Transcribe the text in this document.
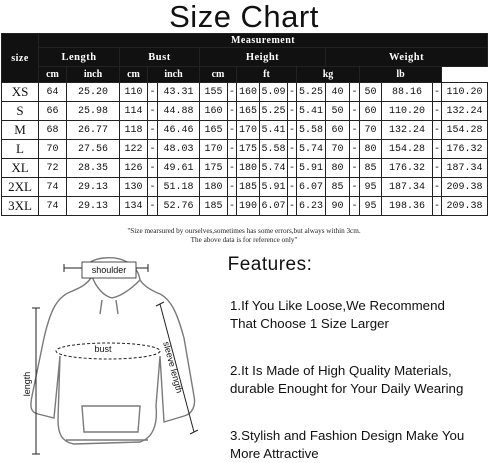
Size Chart
size	Measurement																
	Length		Bust			Height						Weight					
	cm	inch	cm	inch		cm		ft			kg			lb			
XS	64	25.20	110	-	43.31	155	-	160	5.09	-	5.25	40	-	50	88.16	-	110.20
S	66	25.98	114	-	44.88	160	-	165	5.25	-	5.41	50	-	60	110.20	-	132.24
M	68	26.77	118	-	46.46	165	-	170	5.41	-	5.58	60	-	70	132.24	-	154.28
L	70	27.56	122	-	48.03	170	-	175	5.58	-	5.74	70	-	80	154.28	-	176.32
XL	72	28.35	126	-	49.61	175	-	180	5.74	-	5.91	80	-	85	176.32	-	187.34
2XL	74	29.13	130	-	51.18	180	-	185	5.91	-	6.07	85	-	95	187.34	-	209.38
3XL	74	29.13	134	-	52.76	185	-	190	6.07	-	6.23	90	-	95	198.36	-	209.38
"Size mearsured by ourselves,sometimes has some errors,but always within 3cm.
The above data is for reference only"
Features:
shoulder
bust
length	sleeve length
1.If You Like Loose,We Recommend
That Choose 1 Size Larger
2.It Is Made of High Quality Materials,
durable Enought for Your Daily Wearing
3.Stylish and Fashion Design Make You
More Attractive
